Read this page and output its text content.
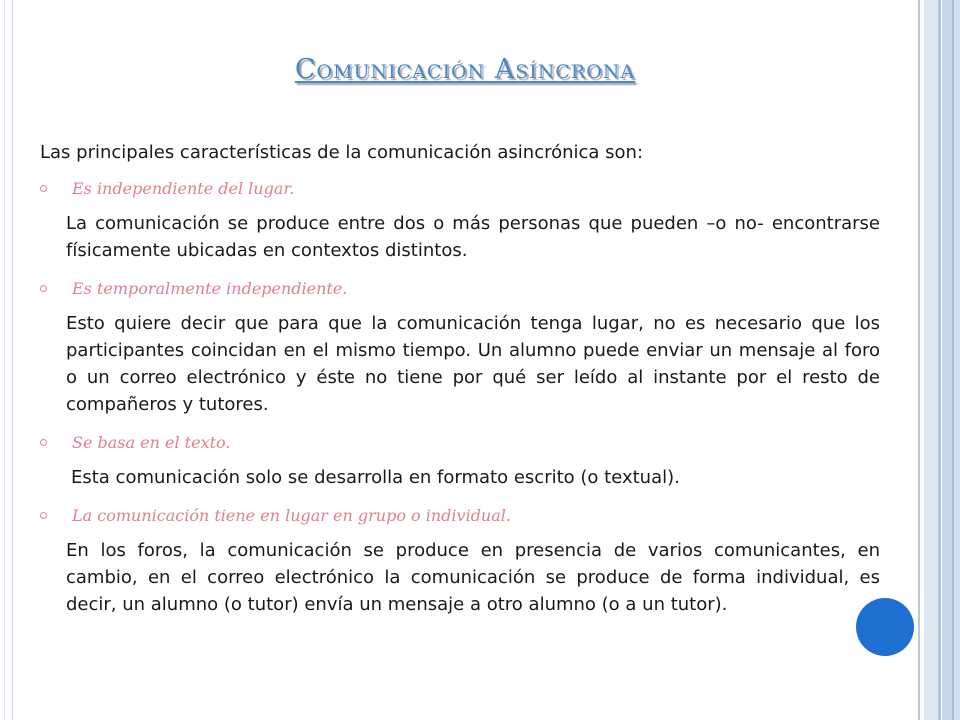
Comunicación Asíncrona

Las principales características de la comunicación asincrónica son:

Es independiente del lugar.

La comunicación se produce entre dos o más personas que pueden –o no- encontrarse físicamente ubicadas en contextos distintos.

Es temporalmente independiente.

Esto quiere decir que para que la comunicación tenga lugar, no es necesario que los participantes coincidan en el mismo tiempo. Un alumno puede enviar un mensaje al foro o un correo electrónico y éste no tiene por qué ser leído al instante por el resto de compañeros y tutores.

Se basa en el texto.

Esta comunicación solo se desarrolla en formato escrito (o textual).

La comunicación tiene en lugar en grupo o individual.

En los foros, la comunicación se produce en presencia de varios comunicantes, en cambio, en el correo electrónico la comunicación se produce de forma individual, es decir, un alumno (o tutor) envía un mensaje a otro alumno (o a un tutor).
